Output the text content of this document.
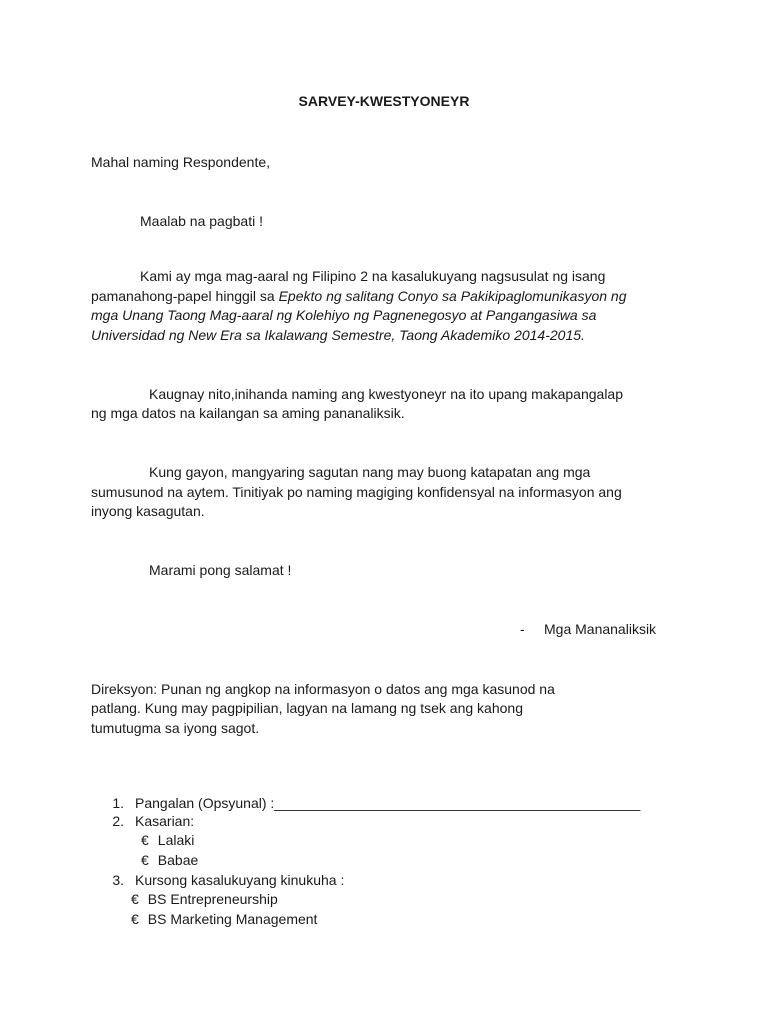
SARVEY-KWESTYONEYR
Mahal naming Respondente,
Maalab na pagbati !
Kami ay mga mag-aaral ng Filipino 2 na kasalukuyang nagsusulat ng isang
pamanahong-papel hinggil sa Epekto ng salitang Conyo sa Pakikipaglomunikasyon ng
mga Unang Taong Mag-aaral ng Kolehiyo ng Pagnenegosyo at Pangangasiwa sa
Universidad ng New Era sa Ikalawang Semestre, Taong Akademiko 2014-2015.
Kaugnay nito,inihanda naming ang kwestyoneyr na ito upang makapangalap
ng mga datos na kailangan sa aming pananaliksik.
Kung gayon, mangyaring sagutan nang may buong katapatan ang mga
sumusunod na aytem. Tinitiyak po naming magiging konfidensyal na informasyon ang
inyong kasagutan.
Marami pong salamat !
- Mga Mananaliksik
Direksyon: Punan ng angkop na informasyon o datos ang mga kasunod na
patlang. Kung may pagpipilian, lagyan na lamang ng tsek ang kahong
tumutugma sa iyong sagot.
1. Pangalan (Opsyunal) :_______________________________________________
2. Kasarian:
€ Lalaki
€ Babae
3. Kursong kasalukuyang kinukuha :
€ BS Entrepreneurship
€ BS Marketing Management
